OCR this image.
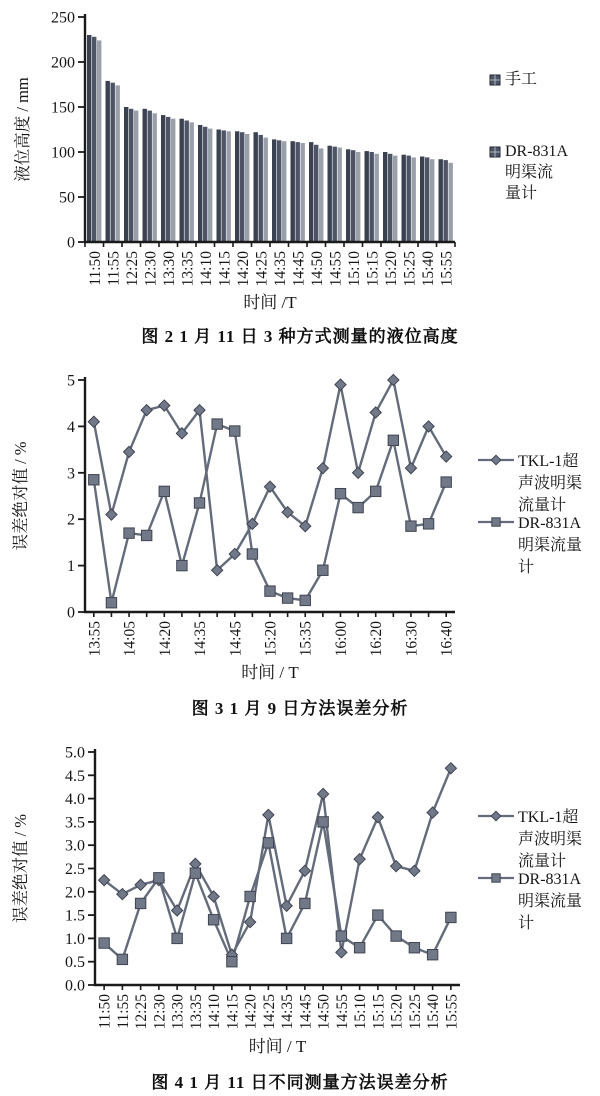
0
50
100
150
200
250
11:50 11:55 12:25 12:30 13:30 13:35 14:10 14:15 14:20 14:25 14:35 14:45 14:50 14:55 15:10 15:15 15:20 15:25 15:40 15:55
液位高度 / mm
时间 /T
手工
DR-831A
明渠流
量计
图 2 1 月 11 日 3 种方式测量的液位高度
0
1
2
3
4
5
13:55 14:05 14:20 14:35 14:45 15:20 15:35 16:00 16:20 16:30 16:40
误差绝对值 / %
时间 / T
TKL-1超
声波明渠
流量计
DR-831A
明渠流量
计
图 3 1 月 9 日方法误差分析
0.0
0.5
1.0
1.5
2.0
2.5
3.0
3.5
4.0
4.5
5.0
11:50 11:55 12:25 12:30 13:30 13:35 14:10 14:15 14:20 14:25 14:35 14:45 14:50 14:55 15:10 15:15 15:20 15:25 15:40 15:55
误差绝对值 / %
时间 / T
TKL-1超
声波明渠
流量计
DR-831A
明渠流量
计
图 4 1 月 11 日不同测量方法误差分析
